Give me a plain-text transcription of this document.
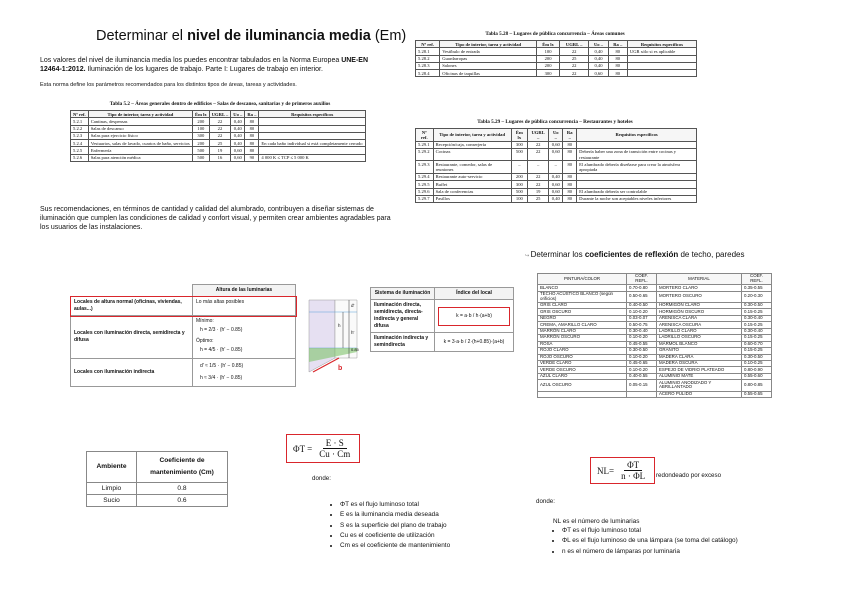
Determinar el nivel de iluminancia media (Em)
Los valores del nivel de iluminancia media los puedes encontrar tabulados en la Norma Europea UNE-EN 12464-1:2012. Iluminación de los lugares de trabajo. Parte I: Lugares de trabajo en interior.
Esta norma define los parámetros recomendados para los distintos tipos de áreas, tareas y actividades.
Tabla 5.2 – Áreas generales dentro de edificios – Salas de descanso, sanitarias y de primeros auxilios
Nº ref.	Tipo de interior, tarea y actividad	Ēm lx	UGRL –	Uo –	Ra –	Requisitos específicos
5.2.1	Cantinas, despensas	200	22	0,40	80	
5.2.2	Salas de descanso	100	22	0,40	80	
5.2.3	Salas para ejercicio físico	300	22	0,40	80	
5.2.4	Vestuarios, salas de lavado, cuartos de baño, servicios	200	25	0,40	80	En cada baño individual si está completamente cerrado
5.2.5	Enfermería	500	19	0,60	80	
5.2.6	Salas para atención médica	500	16	0,60	90	4 000 K ≤ TCP ≤ 5 000 K
Tabla 5.28 – Lugares de pública concurrencia – Áreas comunes
Nº ref.	Tipo de interior, tarea y actividad	Ēm lx	UGRL –	Uo –	Ra –	Requisitos específicos
5.28.1	Vestíbulo de entrada	100	22	0,40	80	UGR sólo si es aplicable
5.28.2	Guardarropas	200	25	0,40	80	
5.28.3	Salones	200	22	0,40	80	
5.28.4	Oficinas de taquillas	300	22	0,60	80	
Tabla 5.29 – Lugares de pública concurrencia – Restaurantes y hoteles
Nº ref.	Tipo de interior, tarea y actividad	Ēm lx	UGRL –	Uo –	Ra –	Requisitos específicos
5.29.1	Recepción/caja, conserjería	300	22	0,60	80	
5.29.2	Cocinas	500	22	0,60	80	Debería haber una zona de transición entre cocinas y restaurante
5.29.3	Restaurante, comedor, salas de reuniones	–	–	–	80	El alumbrado debería diseñarse para crear la atmósfera apropiada
5.29.4	Restaurante auto-servicio	200	22	0,40	80	
5.29.5	Buffet	300	22	0,60	80	
5.29.6	Sala de conferencias	500	19	0,60	80	El alumbrado debería ser controlable
5.29.7	Pasillos	100	25	0,40	80	Durante la noche son aceptables niveles inferiores
Sus recomendaciones, en términos de cantidad y calidad del alumbrado, contribuyen a diseñar sistemas de iluminación que cumplen las condiciones de calidad y confort visual, y permiten crear ambientes agradables para los usuarios de las instalaciones.
↪ Determinar los coeficientes de reflexión de techo, paredes
PINTURA/COLOR	COEF. REFL.	MATERIAL	COEF. REFL.
BLANCO	0.70-0.80	MORTERO CLARO	0.35-0.55
TECHO ACÚSTICO BLANCO (según orificios)	0.50-0.65	MORTERO OSCURO	0.20-0.30
GRIS CLARO	0.40-0.50	HORMIGÓN CLARO	0.30-0.50
GRIS OSCURO	0.10-0.20	HORMIGÓN OSCURO	0.15-0.25
NEGRO	0.03-0.07	ARENISCA CLARA	0.30-0.40
CREMA, AMARILLO CLARO	0.50-0.75	ARENISCA OSCURA	0.15-0.25
MARRÓN CLARO	0.30-0.40	LADRILLO CLARO	0.30-0.40
MARRÓN OSCURO	0.10-0.20	LADRILLO OSCURO	0.15-0.25
ROSA	0.45-0.55	MÁRMOL BLANCO	0.60-0.70
ROJO CLARO	0.30-0.50	GRANITO	0.15-0.25
ROJO OSCURO	0.10-0.20	MADERA CLARA	0.30-0.50
VERDE CLARO	0.45-0.65	MADERA OSCURA	0.10-0.25
VERDE OSCURO	0.10-0.20	ESPEJO DE VIDRIO PLATEADO	0.80-0.90
AZUL CLARO	0.40-0.55	ALUMINIO MATE	0.55-0.60
AZUL OSCURO	0.05-0.15	ALUMINIO ANODIZADO Y ABRILLANTADO	0.80-0.85
		ACERO PULIDO	0.55-0.65
	Altura de las luminarias
Locales de altura normal (oficinas, viviendas, aulas...)	Lo más altas posibles
Locales con iluminación directa, semidirecta y difusa	Mínimo:
h = 2/3 · (h' − 0.85)
Óptimo:
h = 4/5 · (h' − 0.85)

Locales con iluminación indirecta	d' ≈ 1/5 · (h' − 0.85)
h ≈ 3/4 · (h' − 0.85)
d'
h
h'
0.85
b
Sistema de iluminación	Índice del local
Iluminación directa, semidirecta, directa-indirecta y general difusa	k = a·b / h·(a+b)

Iluminación indirecta y semindirecta	k = 3·a·b / 2·(h+0.85)·(a+b)
Ambiente	Coeficiente de mantenimiento (Cm)
Limpio	0.8
Sucio	0.6
$\Phi T = \frac{E \cdot S}{Cu \cdot Cm}$
donde:
• ΦT es el flujo luminoso total
• E es la iluminancia media deseada
• S es la superficie del plano de trabajo
• Cu es el coeficiente de utilización
• Cm es el coeficiente de mantenimiento
$NL= \frac{\Phi T}{n \cdot \Phi L}$ redondeado por exceso
donde:
NL es el número de luminarias
• ΦT es el flujo luminoso total
• ΦL es el flujo luminoso de una lámpara (se toma del catálogo)
• n es el número de lámparas por luminaria
